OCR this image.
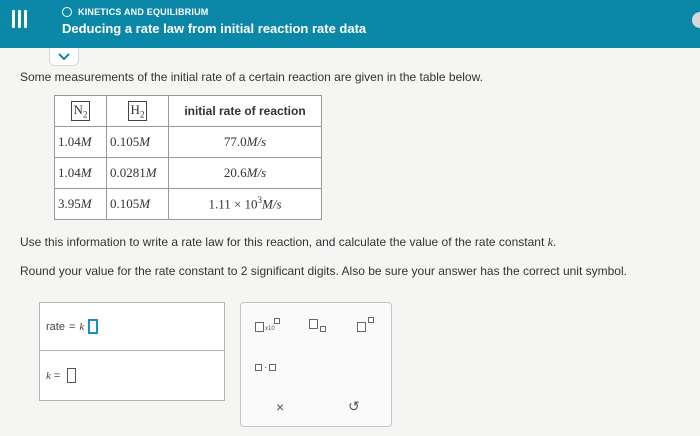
KINETICS AND EQUILIBRIUM
Deducing a rate law from initial reaction rate data
Some measurements of the initial rate of a certain reaction are given in the table below.
$N_2$	$H_2$	initial rate of reaction
1.04M	0.105M	77.0M/s
1.04M	0.0281M	20.6M/s
3.95M	0.105M	$1.11 \times 10^3M/s$
Use this information to write a rate law for this reaction, and calculate the value of the rate constant k.
Round your value for the rate constant to 2 significant digits. Also be sure your answer has the correct unit symbol.
rate = k
k =
x10
·
×	↺
